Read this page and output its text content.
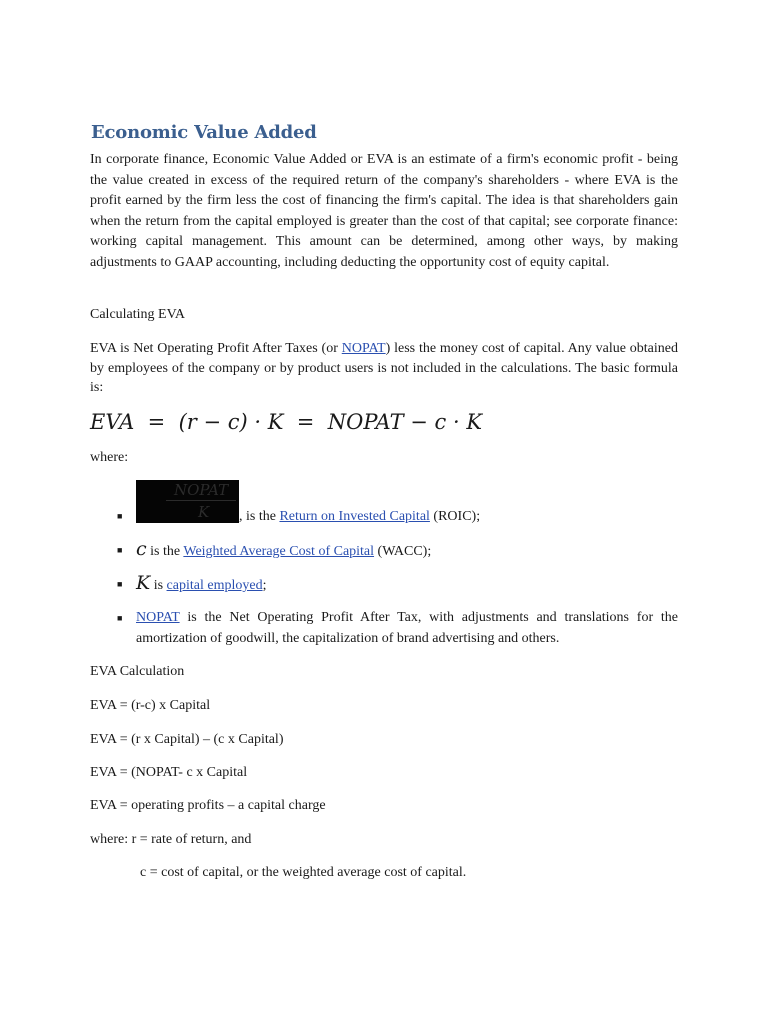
Economic Value Added
In corporate finance, Economic Value Added or EVA is an estimate of a firm's economic profit - being the value created in excess of the required return of the company's shareholders - where EVA is the profit earned by the firm less the cost of financing the firm's capital. The idea is that shareholders gain when the return from the capital employed is greater than the cost of that capital; see corporate finance: working capital management. This amount can be determined, among other ways, by making adjustments to GAAP accounting, including deducting the opportunity cost of equity capital.
Calculating EVA
EVA is Net Operating Profit After Taxes (or NOPAT) less the money cost of capital. Any value obtained by employees of the company or by product users is not included in the calculations. The basic formula is:
EVA = (r − c) · K = NOPAT − c · K
where:
■
NOPAT
K , is the Return on Invested Capital (ROIC);
■ c is the Weighted Average Cost of Capital (WACC);
■ K is capital employed;
■ NOPAT is the Net Operating Profit After Tax, with adjustments and translations for the amortization of goodwill, the capitalization of brand advertising and others.
EVA Calculation
EVA = (r-c) x Capital
EVA = (r x Capital) – (c x Capital)
EVA = (NOPAT- c x Capital
EVA = operating profits – a capital charge
where: r = rate of return, and
c = cost of capital, or the weighted average cost of capital.
